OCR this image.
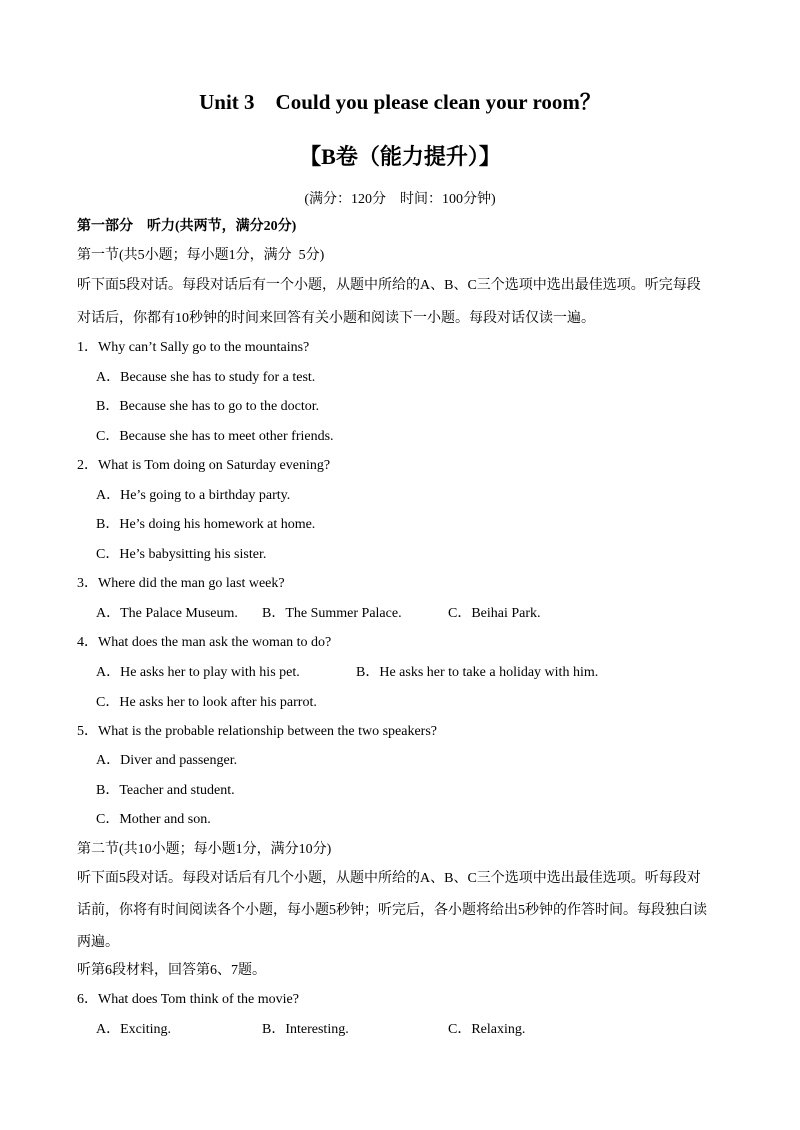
Unit 3    Could you please clean your room？
【B卷（能力提升）】
(满分：120分    时间：100分钟)
第一部分    听力(共两节，满分20分)
第一节(共5小题；每小题1分，满分  5分)
听下面5段对话。每段对话后有一个小题，从题中所给的A、B、C三个选项中选出最佳选项。听完每段
对话后，你都有10秒钟的时间来回答有关小题和阅读下一小题。每段对话仅读一遍。
1．Why can’t Sally go to the mountains?
A．Because she has to study for a test.
B．Because she has to go to the doctor.
C．Because she has to meet other friends.
2．What is Tom doing on Saturday evening?
A．He’s going to a birthday party.
B．He’s doing his homework at home.
C．He’s babysitting his sister.
3．Where did the man go last week?
A．The Palace Museum. B．The Summer Palace.	C．Beihai Park.
4．What does the man ask the woman to do?
A．He asks her to play with his pet.	B．He asks her to take a holiday with him.
C．He asks her to look after his parrot.
5．What is the probable relationship between the two speakers?
A．Diver and passenger.
B．Teacher and student.
C．Mother and son.
第二节(共10小题；每小题1分，满分10分)
听下面5段对话。每段对话后有几个小题，从题中所给的A、B、C三个选项中选出最佳选项。听每段对
话前，你将有时间阅读各个小题，每小题5秒钟；听完后，各小题将给出5秒钟的作答时间。每段独白读
两遍。
听第6段材料，回答第6、7题。
6．What does Tom think of the movie?
A．Exciting.	B．Interesting.	C．Relaxing.
